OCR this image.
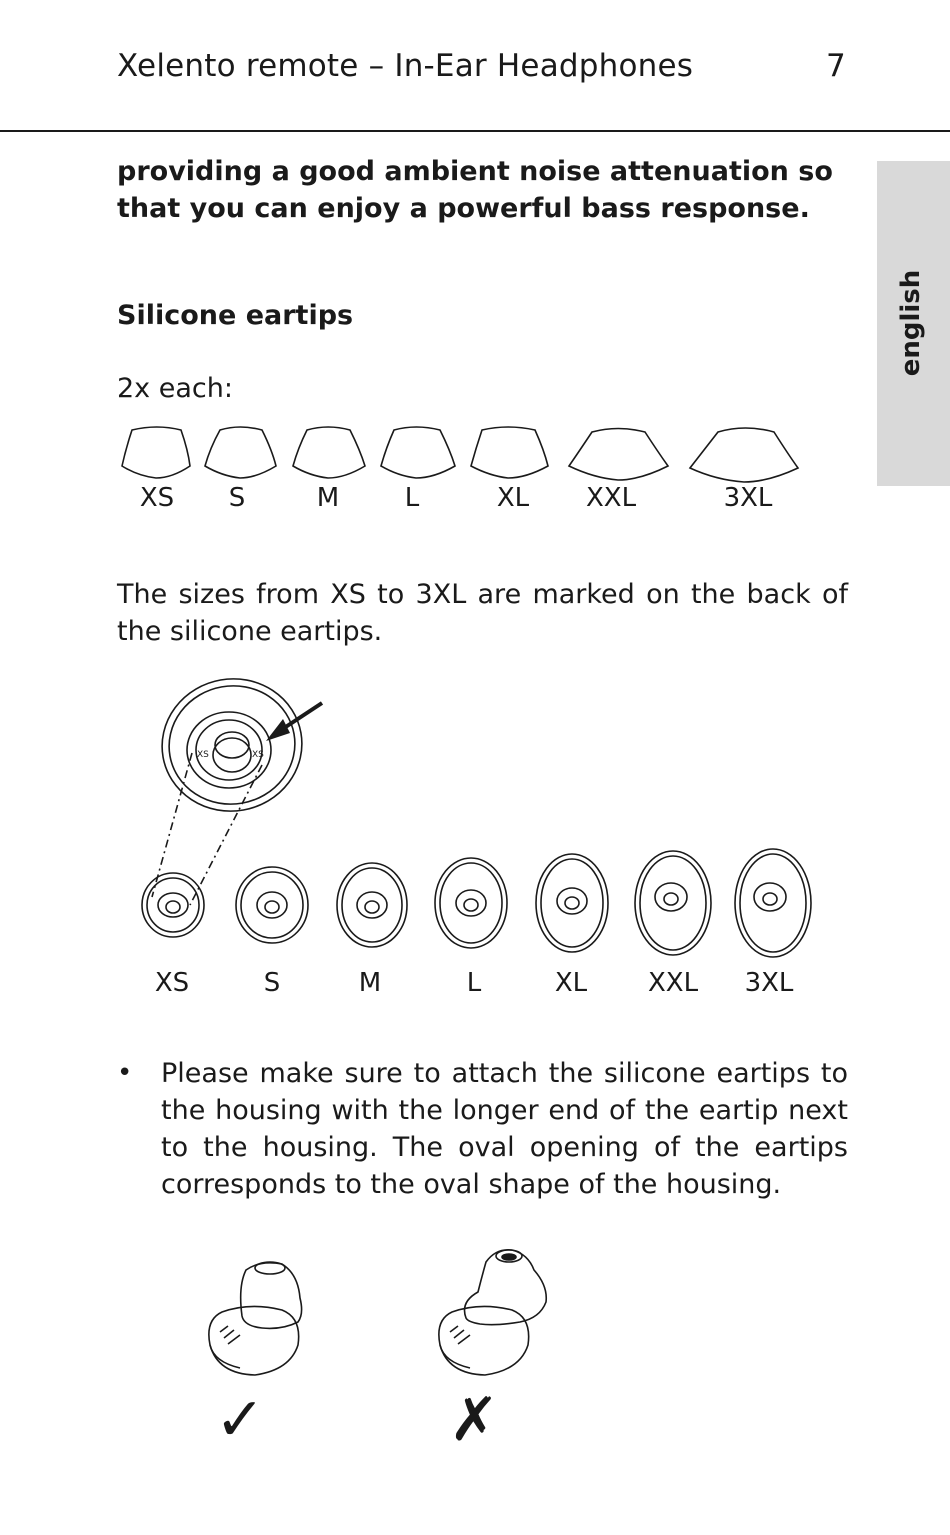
Xelento remote – In-Ear Headphones	7
english
providing a good ambient noise attenuation so that you can enjoy a powerful bass response.
Silicone eartips
2x each:
XS S	M	L	XL XXL	3XL
The sizes from XS to 3XL are marked on the back of the silicone eartips.
XS	XS
XS	S	M	L	XL XXL 3XL
• Please make sure to attach the silicone eartips to the housing with the longer end of the eartip next to the housing. The oval opening of the eartips corresponds to the oval shape of the housing.
✓	✗
